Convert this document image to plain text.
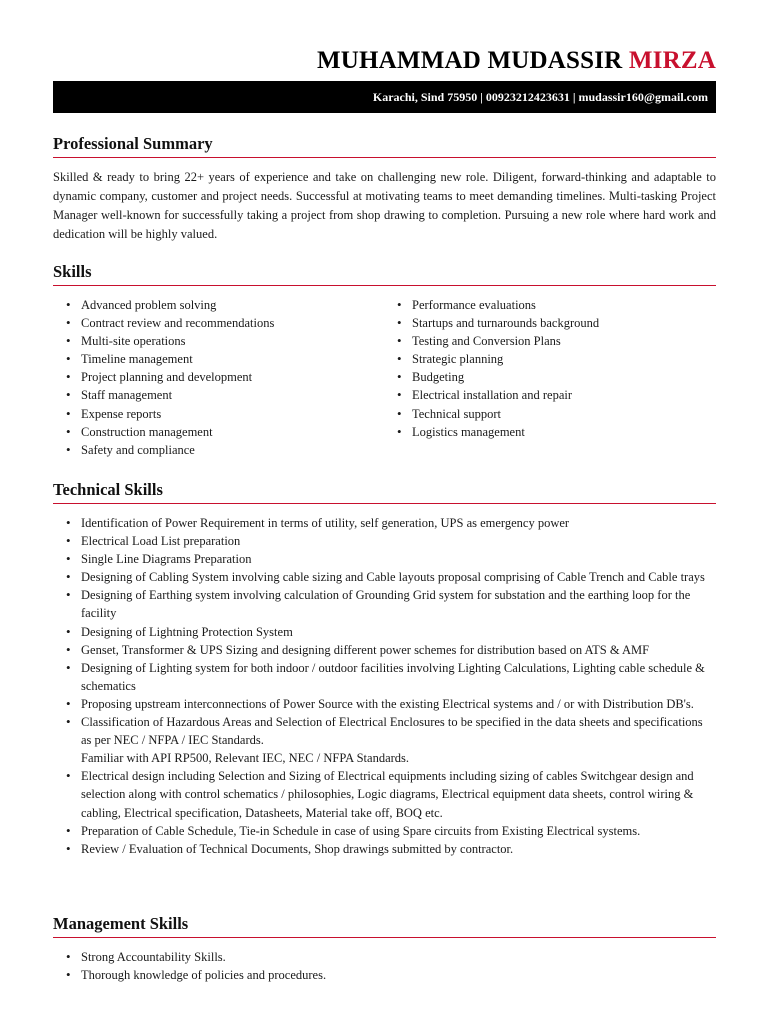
MUHAMMAD MUDASSIR MIRZA
Karachi, Sind 75950 | 00923212423631 | mudassir160@gmail.com
Professional Summary
Skilled & ready to bring 22+ years of experience and take on challenging new role. Diligent, forward-thinking and adaptable to dynamic company, customer and project needs. Successful at motivating teams to meet demanding timelines. Multi-tasking Project Manager well-known for successfully taking a project from shop drawing to completion. Pursuing a new role where hard work and dedication will be highly valued.
Skills
• Advanced problem solving
• Contract review and recommendations
• Multi-site operations
• Timeline management
• Project planning and development
• Staff management
• Expense reports
• Construction management
• Safety and compliance
• Performance evaluations
• Startups and turnarounds background
• Testing and Conversion Plans
• Strategic planning
• Budgeting
• Electrical installation and repair
• Technical support
• Logistics management
Technical Skills
• Identification of Power Requirement in terms of utility, self generation, UPS as emergency power
• Electrical Load List preparation
• Single Line Diagrams Preparation
• Designing of Cabling System involving cable sizing and Cable layouts proposal comprising of Cable Trench and Cable trays
• Designing of Earthing system involving calculation of Grounding Grid system for substation and the earthing loop for the facility
• Designing of Lightning Protection System
• Genset, Transformer & UPS Sizing and designing different power schemes for distribution based on ATS & AMF
• Designing of Lighting system for both indoor / outdoor facilities involving Lighting Calculations, Lighting cable schedule & schematics
• Proposing upstream interconnections of Power Source with the existing Electrical systems and / or with Distribution DB's.
• Classification of Hazardous Areas and Selection of Electrical Enclosures to be specified in the data sheets and specifications as per NEC / NFPA / IEC Standards.
Familiar with API RP500, Relevant IEC, NEC / NFPA Standards.
• Electrical design including Selection and Sizing of Electrical equipments including sizing of cables Switchgear design and selection along with control schematics / philosophies, Logic diagrams, Electrical equipment data sheets, control wiring & cabling, Electrical specification, Datasheets, Material take off, BOQ etc.
• Preparation of Cable Schedule, Tie-in Schedule in case of using Spare circuits from Existing Electrical systems.
• Review / Evaluation of Technical Documents, Shop drawings submitted by contractor.
Management Skills
• Strong Accountability Skills.
• Thorough knowledge of policies and procedures.
